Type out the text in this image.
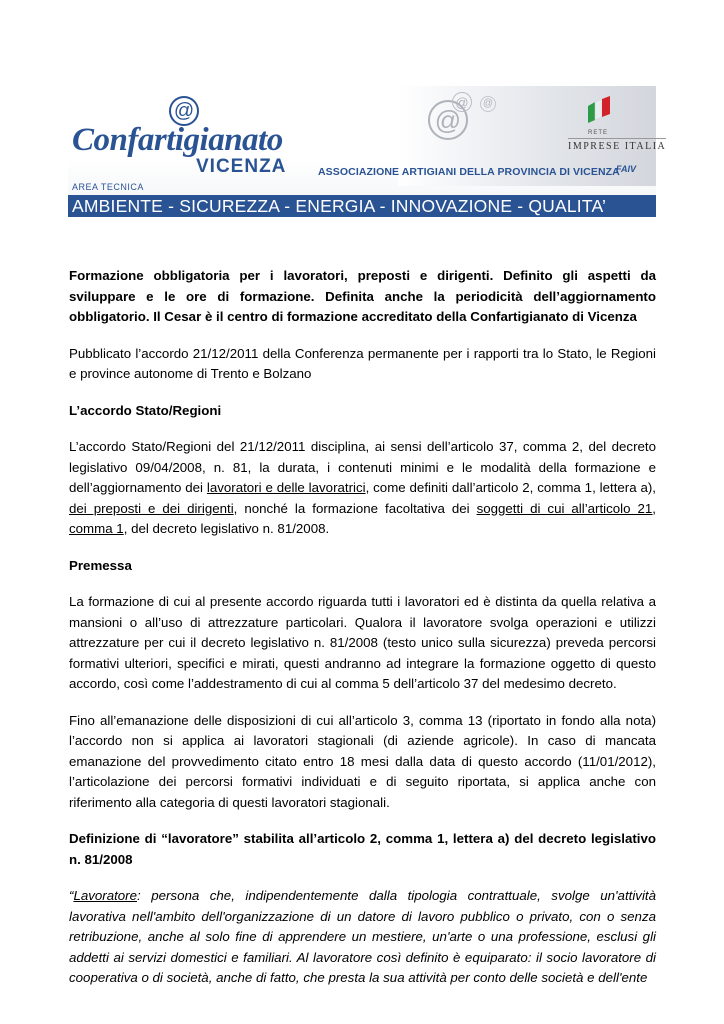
@
Confartigianato
VICENZA
AREA TECNICA
@
@ @
RETE
IMPRESE ITALIA
ASSOCIAZIONE ARTIGIANI DELLA PROVINCIA DI VICENZA
FAIV
AMBIENTE - SICUREZZA - ENERGIA - INNOVAZIONE - QUALITA’

Formazione obbligatoria per i lavoratori, preposti e dirigenti. Definito gli aspetti da sviluppare e le ore di formazione. Definita anche la periodicità dell’aggiornamento obbligatorio. Il Cesar è il centro di formazione accreditato della Confartigianato di Vicenza

Pubblicato l’accordo 21/12/2011 della Conferenza permanente per i rapporti tra lo Stato, le Regioni e province autonome di Trento e Bolzano

L’accordo Stato/Regioni

L’accordo Stato/Regioni del 21/12/2011 disciplina, ai sensi dell’articolo 37, comma 2, del decreto legislativo 09/04/2008, n. 81, la durata, i contenuti minimi e le modalità della formazione e dell’aggiornamento dei lavoratori e delle lavoratrici, come definiti dall’articolo 2, comma 1, lettera a), dei preposti e dei dirigenti, nonché la formazione facoltativa dei soggetti di cui all’articolo 21, comma 1, del decreto legislativo n. 81/2008.

Premessa

La formazione di cui al presente accordo riguarda tutti i lavoratori ed è distinta da quella relativa a mansioni o all’uso di attrezzature particolari. Qualora il lavoratore svolga operazioni e utilizzi attrezzature per cui il decreto legislativo n. 81/2008 (testo unico sulla sicurezza) preveda percorsi formativi ulteriori, specifici e mirati, questi andranno ad integrare la formazione oggetto di questo accordo, così come l’addestramento di cui al comma 5 dell’articolo 37 del medesimo decreto.

Fino all’emanazione delle disposizioni di cui all’articolo 3, comma 13 (riportato in fondo alla nota) l’accordo non si applica ai lavoratori stagionali (di aziende agricole). In caso di mancata emanazione del provvedimento citato entro 18 mesi dalla data di questo accordo (11/01/2012), l’articolazione dei percorsi formativi individuati e di seguito riportata, si applica anche con riferimento alla categoria di questi lavoratori stagionali.

Definizione di “lavoratore” stabilita all’articolo 2, comma 1, lettera a) del decreto legislativo n. 81/2008

“Lavoratore: persona che, indipendentemente dalla tipologia contrattuale, svolge un'attività lavorativa nell'ambito dell'organizzazione di un datore di lavoro pubblico o privato, con o senza retribuzione, anche al solo fine di apprendere un mestiere, un'arte o una professione, esclusi gli addetti ai servizi domestici e familiari. Al lavoratore così definito è equiparato: il socio lavoratore di cooperativa o di società, anche di fatto, che presta la sua attività per conto delle società e dell'ente
